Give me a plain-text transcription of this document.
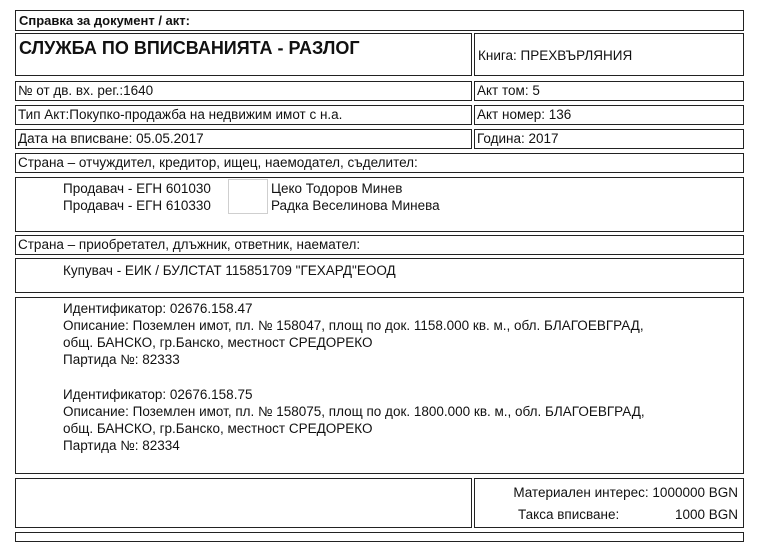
Справка за документ / акт:
СЛУЖБА ПО ВПИСВАНИЯТА - РАЗЛОГ	Книга: ПРЕХВЪРЛЯНИЯ
№ от дв. вх. рег.:1640	Акт том: 5
Тип Акт:Покупко-продажба на недвижим имот с н.а.	Акт номер: 136
Дата на вписване: 05.05.2017	Година: 2017
Страна – отчуждител, кредитор, ищец, наемодател, съделител:
Продавач - ЕГН 601030	Цеко Тодоров Минев
Продавач - ЕГН 610330	Радка Веселинова Минева
Страна – приобретател, длъжник, ответник, наемател:
Купувач - ЕИК / БУЛСТАТ 115851709 "ГЕХАРД"ЕООД
Идентификатор: 02676.158.47
Описание: Поземлен имот, пл. № 158047, площ по док. 1158.000 кв. м., обл. БЛАГОЕВГРАД,
общ. БАНСКО, гр.Банско, местност СРЕДОРЕКО
Партида №: 82333
Идентификатор: 02676.158.75
Описание: Поземлен имот, пл. № 158075, площ по док. 1800.000 кв. м., обл. БЛАГОЕВГРАД,
общ. БАНСКО, гр.Банско, местност СРЕДОРЕКО
Партида №: 82334
Материален интерес: 1000000 BGN
Такса вписване:	1000 BGN
